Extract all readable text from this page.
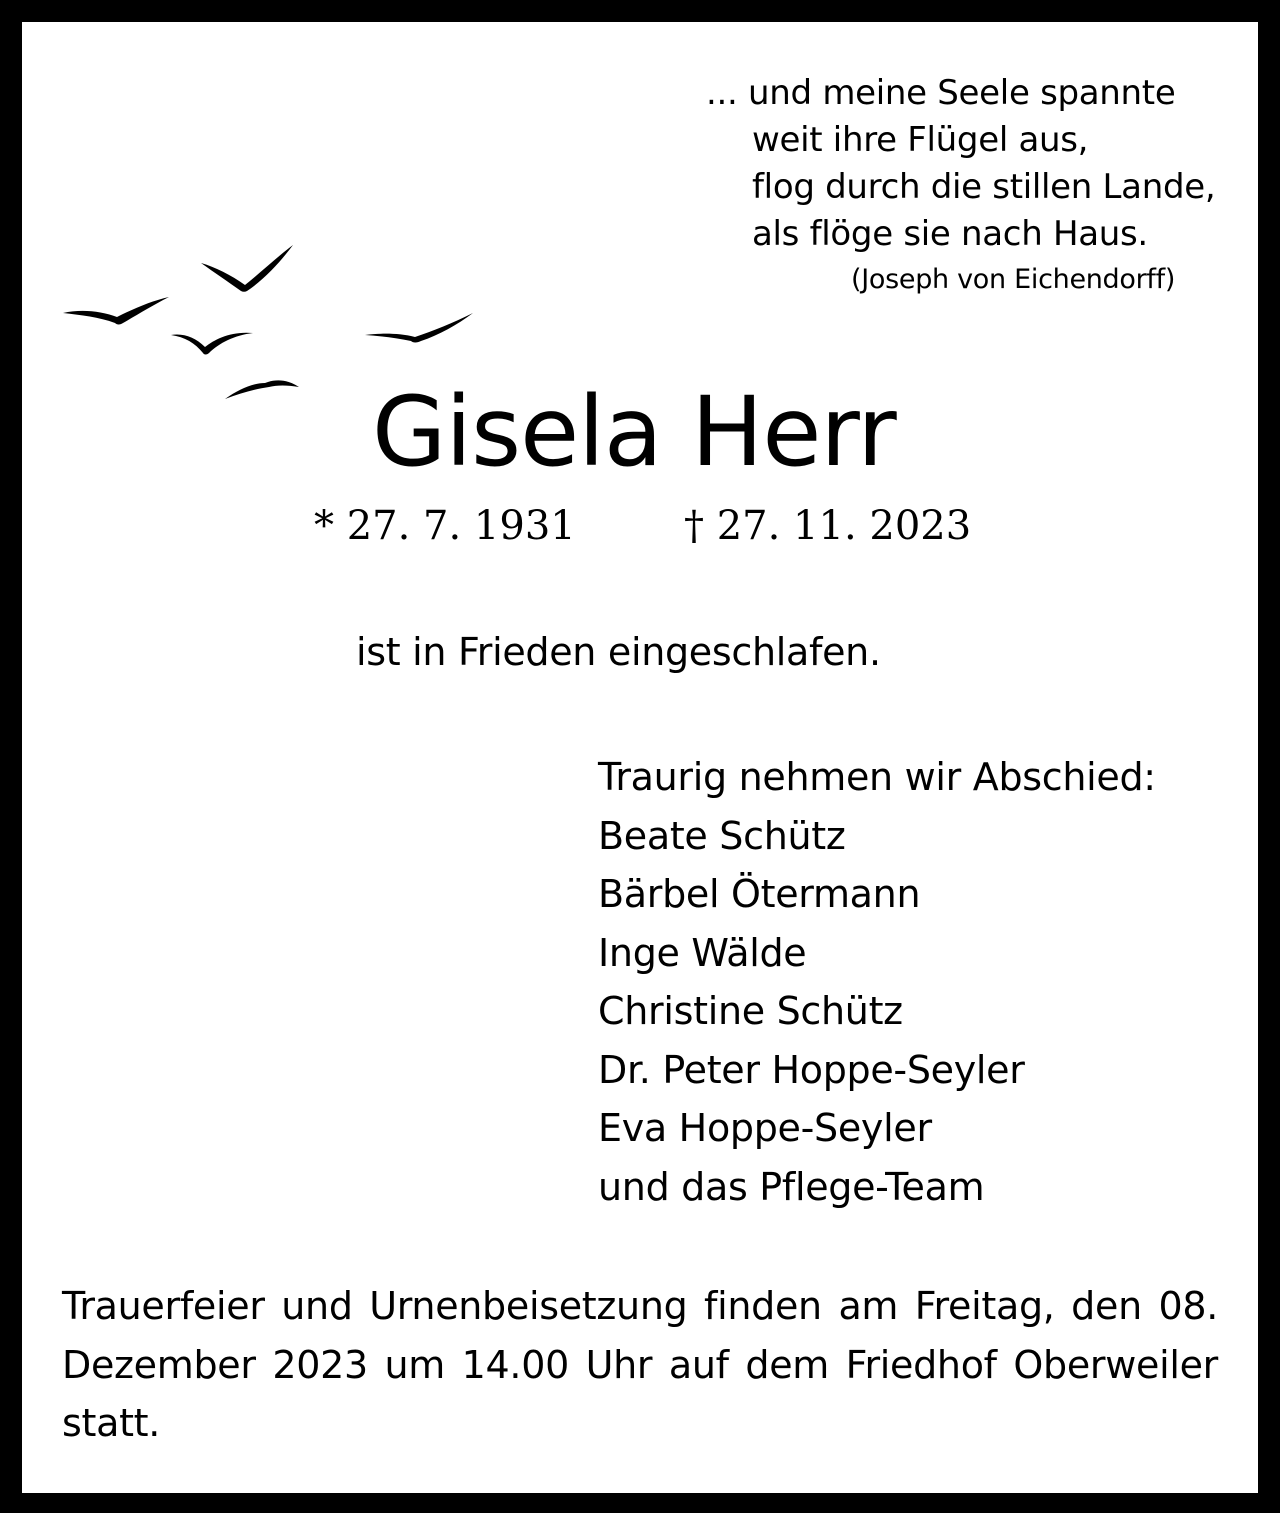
... und meine Seele spannte
weit ihre Flügel aus,
flog durch die stillen Lande,
als flöge sie nach Haus.
(Joseph von Eichendorff)
Gisela Herr
* 27. 7. 1931	† 27. 11. 2023
ist in Frieden eingeschlafen.
Traurig nehmen wir Abschied:
Beate Schütz
Bärbel Ötermann
Inge Wälde
Christine Schütz
Dr. Peter Hoppe-Seyler
Eva Hoppe-Seyler
und das Pflege-Team
Trauerfeier und Urnenbeisetzung finden am Freitag, den 08. Dezember 2023 um 14.00 Uhr auf dem Friedhof Oberweiler statt.
